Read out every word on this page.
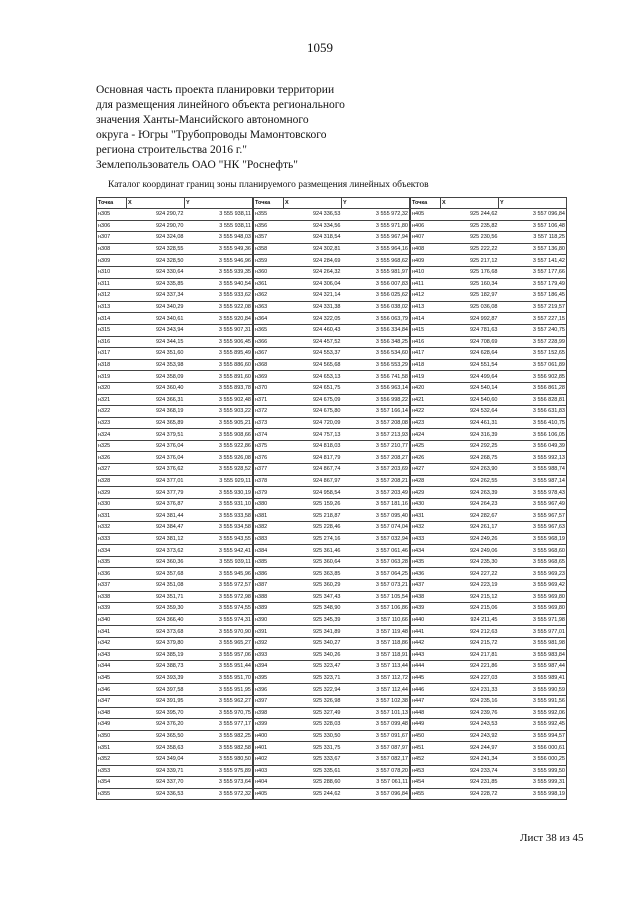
1059
Основная часть проекта планировки территории
для размещения линейного объекта регионального
значения Ханты-Мансийского автономного
округа - Югры "Трубопроводы Мамонтовского
региона строительства 2016 г."
Землепользователь ОАО "НК "Роснефть"
Каталог координат границ зоны планируемого размещения линейных объектов
Точка	X	Y
н305	924 290,72	3 555 938,11
н306	924 290,70	3 555 938,11
н307	924 324,08	3 555 948,03
н308	924 328,55	3 555 949,36
н309	924 328,50	3 555 946,96
н310	924 330,64	3 555 939,35
н311	924 335,85	3 555 940,54
н312	924 337,34	3 555 933,62
н313	924 340,29	3 555 922,08
н314	924 340,61	3 555 920,84
н315	924 343,94	3 555 907,31
н316	924 344,15	3 555 906,45
н317	924 351,60	3 555 895,49
н318	924 353,98	3 555 886,60
н319	924 358,09	3 555 891,60
н320	924 360,40	3 555 893,78
н321	924 366,31	3 555 902,48
н322	924 368,19	3 555 903,22
н323	924 365,89	3 555 905,21
н324	924 379,51	3 555 908,66
н325	924 376,04	3 555 922,86
н326	924 376,04	3 555 926,08
н327	924 376,62	3 555 928,52
н328	924 377,01	3 555 929,11
н329	924 377,79	3 555 930,19
н330	924 376,87	3 555 931,10
н331	924 381,44	3 555 933,58
н332	924 384,47	3 555 934,58
н333	924 381,12	3 555 943,55
н334	924 373,62	3 555 942,41
н335	924 360,36	3 555 939,11
н336	924 357,68	3 555 945,96
н337	924 351,08	3 555 972,57
н338	924 351,71	3 555 972,98
н339	924 359,30	3 555 974,55
н340	924 366,40	3 555 974,31
н341	924 373,68	3 555 970,90
н342	924 379,80	3 555 965,27
н343	924 385,19	3 555 957,06
н344	924 388,73	3 555 951,44
н345	924 393,39	3 555 951,70
н346	924 397,58	3 555 951,95
н347	924 391,95	3 555 962,27
н348	924 395,70	3 555 970,75
н349	924 376,20	3 555 977,17
н350	924 365,50	3 555 982,25
н351	924 358,63	3 555 982,58
н352	924 349,04	3 555 980,50
н353	924 339,71	3 555 975,89
н354	924 337,70	3 555 973,64
н355	924 336,53	3 555 972,32
Точка	X	Y
н355	924 336,53	3 555 972,32
н356	924 334,56	3 555 971,80
н357	924 318,54	3 555 967,94
н358	924 302,81	3 555 964,16
н359	924 284,69	3 555 968,62
н360	924 264,32	3 555 981,97
н361	924 306,04	3 556 007,83
н362	924 321,14	3 556 025,62
н363	924 331,38	3 556 038,02
н364	924 322,05	3 556 063,79
н365	924 460,43	3 556 334,84
н366	924 457,52	3 556 348,25
н367	924 553,37	3 556 534,60
н368	924 565,68	3 556 553,29
н369	924 653,13	3 556 741,58
н370	924 651,75	3 556 963,14
н371	924 675,09	3 556 998,22
н372	924 675,80	3 557 166,14
н373	924 720,09	3 557 208,08
н374	924 757,13	3 557 213,93
н375	924 818,03	3 557 210,77
н376	924 817,79	3 557 208,27
н377	924 867,74	3 557 203,69
н378	924 867,97	3 557 208,21
н379	924 958,54	3 557 203,49
н380	925 159,26	3 557 181,16
н381	925 218,87	3 557 095,40
н382	925 228,46	3 557 074,04
н383	925 274,16	3 557 032,94
н384	925 361,46	3 557 061,46
н385	925 360,64	3 557 063,28
н386	925 363,85	3 557 064,25
н387	925 360,29	3 557 073,21
н388	925 347,43	3 557 105,54
н389	925 348,90	3 557 106,86
н390	925 345,39	3 557 110,66
н391	925 341,89	3 557 119,48
н392	925 340,27	3 557 118,86
н393	925 340,26	3 557 118,91
н394	925 323,47	3 557 113,44
н395	925 323,71	3 557 112,72
н396	925 322,94	3 557 112,44
н397	925 326,98	3 557 102,38
н398	925 327,49	3 557 101,13
н399	925 328,03	3 557 099,48
н400	925 330,50	3 557 091,67
н401	925 331,75	3 557 087,97
н402	925 333,67	3 557 082,17
н403	925 335,61	3 557 078,20
н404	925 288,60	3 557 061,11
н405	925 244,62	3 557 096,84
Точка	X	Y
н405	925 244,62	3 557 096,84
н406	925 235,82	3 557 106,48
н407	925 230,56	3 557 118,25
н408	925 222,22	3 557 136,80
н409	925 217,12	3 557 141,42
н410	925 176,68	3 557 177,66
н411	925 160,34	3 557 179,49
н412	925 182,97	3 557 186,45
н413	925 036,08	3 557 219,57
н414	924 992,87	3 557 227,15
н415	924 781,63	3 557 240,75
н416	924 708,69	3 557 228,99
н417	924 628,64	3 557 152,65
н418	924 551,54	3 557 061,89
н419	924 499,64	3 556 902,85
н420	924 540,14	3 556 861,28
н421	924 540,60	3 556 828,81
н422	924 532,64	3 556 631,83
н423	924 461,31	3 556 410,75
н424	924 316,39	3 556 106,05
н425	924 292,25	3 556 049,39
н426	924 268,75	3 555 992,13
н427	924 263,90	3 555 988,74
н428	924 262,55	3 555 987,14
н429	924 263,39	3 555 978,43
н430	924 264,23	3 555 967,49
н431	924 282,67	3 555 967,57
н432	924 261,17	3 555 967,63
н433	924 249,26	3 555 968,19
н434	924 249,06	3 555 968,60
н435	924 235,30	3 555 968,65
н436	924 227,22	3 555 969,23
н437	924 223,19	3 555 969,42
н438	924 215,12	3 555 969,80
н439	924 215,06	3 555 969,80
н440	924 211,45	3 555 971,98
н441	924 212,63	3 555 977,01
н442	924 215,72	3 555 981,98
н443	924 217,81	3 555 983,84
н444	924 221,86	3 555 987,44
н445	924 227,03	3 555 989,41
н446	924 231,33	3 555 990,59
н447	924 235,16	3 555 991,56
н448	924 239,76	3 555 992,06
н449	924 243,53	3 555 992,45
н450	924 243,92	3 555 994,57
н451	924 244,97	3 556 000,61
н452	924 241,34	3 556 000,25
н453	924 233,74	3 555 999,50
н454	924 231,85	3 555 999,31
н455	924 228,72	3 555 998,19
Лист 38 из 45
